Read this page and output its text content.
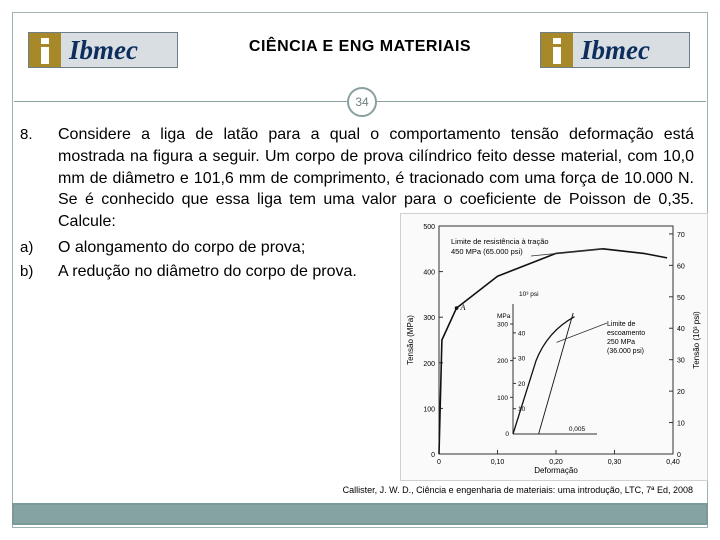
Ibmec	CIÊNCIA E ENG MATERIAIS	Ibmec
34
8.	Considere a liga de latão para a qual o comportamento tensão deformação está mostrada na figura a seguir. Um corpo de prova cilíndrico feito desse material, com 10,0 mm de diâmetro e 101,6 mm de comprimento, é tracionado com uma força de 10.000 N. Se é conhecido que essa liga tem uma valor para o coeficiente de Poisson de 0,35. Calcule:
a)	O alongamento do corpo de prova;
b)	A redução no diâmetro do corpo de prova.
0
100
200
300
400
500
0
10
20
30
40
50
60
70
0	0,10	0,20	0,30	0,40
Deformação
Tensão (MPa)	Tensão (10³ psi)
A
Limite de resistência à tração
450 MPa (65.000 psi)
10³ psi
MPa
100
200
300
10
20
30
40
0
0,005
Limite de
escoamento
250 MPa
(36.000 psi)
Callister, J. W. D., Ciência e engenharia de materiais: uma introdução, LTC, 7ª Ed, 2008
